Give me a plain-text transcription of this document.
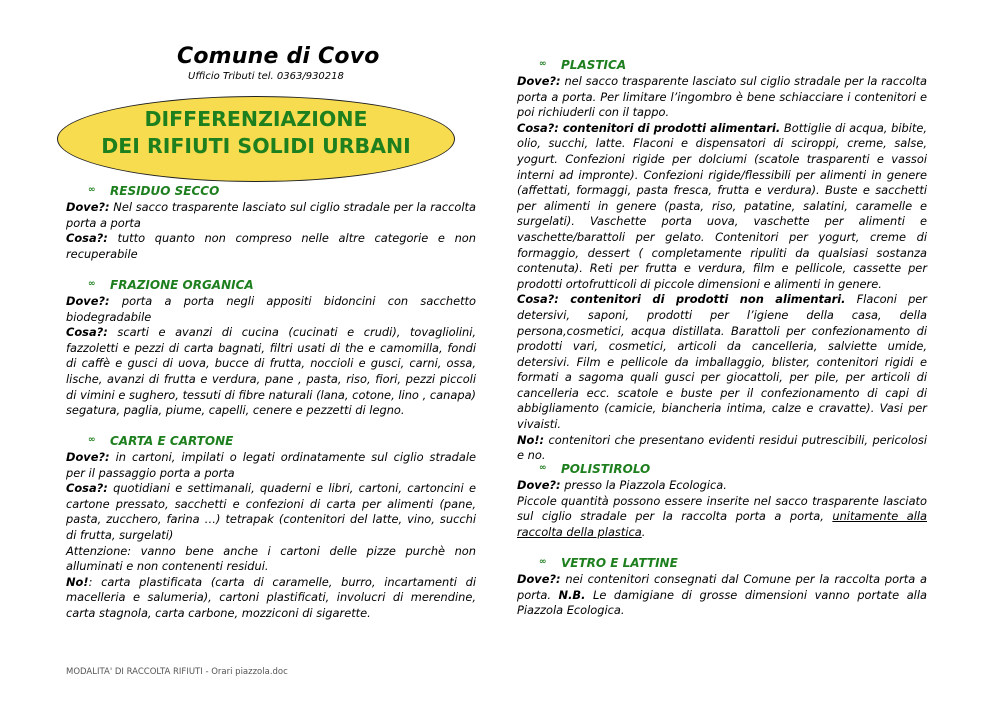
Comune di Covo
Ufficio Tributi tel. 0363/930218
DIFFERENZIAZIONE
DEI RIFIUTI SOLIDI URBANI
∞ RESIDUO SECCO

Dove?: Nel sacco trasparente lasciato sul ciglio stradale per la raccolta porta a porta

Cosa?: tutto quanto non compreso nelle altre categorie e non recuperabile

∞ FRAZIONE ORGANICA

Dove?: porta a porta negli appositi bidoncini con sacchetto biodegradabile

Cosa?: scarti e avanzi di cucina (cucinati e crudi), tovagliolini, fazzoletti e pezzi di carta bagnati, filtri usati di the e camomilla, fondi di caffè e gusci di uova, bucce di frutta, noccioli e gusci, carni, ossa, lische, avanzi di frutta e verdura, pane , pasta, riso, fiori, pezzi piccoli di vimini e sughero, tessuti di fibre naturali (lana, cotone, lino , canapa) segatura, paglia, piume, capelli, cenere e pezzetti di legno.

∞ CARTA E CARTONE

Dove?: in cartoni, impilati o legati ordinatamente sul ciglio stradale per il passaggio porta a porta

Cosa?: quotidiani e settimanali, quaderni e libri, cartoni, cartoncini e cartone pressato, sacchetti e confezioni di carta per alimenti (pane, pasta, zucchero, farina …) tetrapak (contenitori del latte, vino, succhi di frutta, surgelati)

Attenzione: vanno bene anche i cartoni delle pizze purchè non alluminati e non contenenti residui.

No!: carta plastificata (carta di caramelle, burro, incartamenti di macelleria e salumeria), cartoni plastificati, involucri di merendine, carta stagnola, carta carbone, mozziconi di sigarette.

∞ PLASTICA

Dove?: nel sacco trasparente lasciato sul ciglio stradale per la raccolta porta a porta. Per limitare l’ingombro è bene schiacciare i contenitori e poi richiuderli con il tappo.

Cosa?: contenitori di prodotti alimentari. Bottiglie di acqua, bibite, olio, succhi, latte. Flaconi e dispensatori di sciroppi, creme, salse, yogurt. Confezioni rigide per dolciumi (scatole trasparenti e vassoi interni ad impronte). Confezioni rigide/flessibili per alimenti in genere (affettati, formaggi, pasta fresca, frutta e verdura). Buste e sacchetti per alimenti in genere (pasta, riso, patatine, salatini, caramelle e surgelati). Vaschette porta uova, vaschette per alimenti e vaschette/barattoli per gelato. Contenitori per yogurt, creme di formaggio, dessert ( completamente ripuliti da qualsiasi sostanza contenuta). Reti per frutta e verdura, film e pellicole, cassette per prodotti ortofrutticoli di piccole dimensioni e alimenti in genere.

Cosa?: contenitori di prodotti non alimentari. Flaconi per detersivi, saponi, prodotti per l’igiene della casa, della persona,cosmetici, acqua distillata. Barattoli per confezionamento di prodotti vari, cosmetici, articoli da cancelleria, salviette umide, detersivi. Film e pellicole da imballaggio, blister, contenitori rigidi e formati a sagoma quali gusci per giocattoli, per pile, per articoli di cancelleria ecc. scatole e buste per il confezionamento di capi di abbigliamento (camicie, biancheria intima, calze e cravatte). Vasi per vivaisti.

No!: contenitori che presentano evidenti residui putrescibili, pericolosi e no.

∞ POLISTIROLO

Dove?: presso la Piazzola Ecologica.

Piccole quantità possono essere inserite nel sacco trasparente lasciato sul ciglio stradale per la raccolta porta a porta, unitamente alla raccolta della plastica.

∞ VETRO E LATTINE

Dove?: nei contenitori consegnati dal Comune per la raccolta porta a porta. N.B. Le damigiane di grosse dimensioni vanno portate alla Piazzola Ecologica.

MODALITA' DI RACCOLTA RIFIUTI - Orari piazzola.doc
